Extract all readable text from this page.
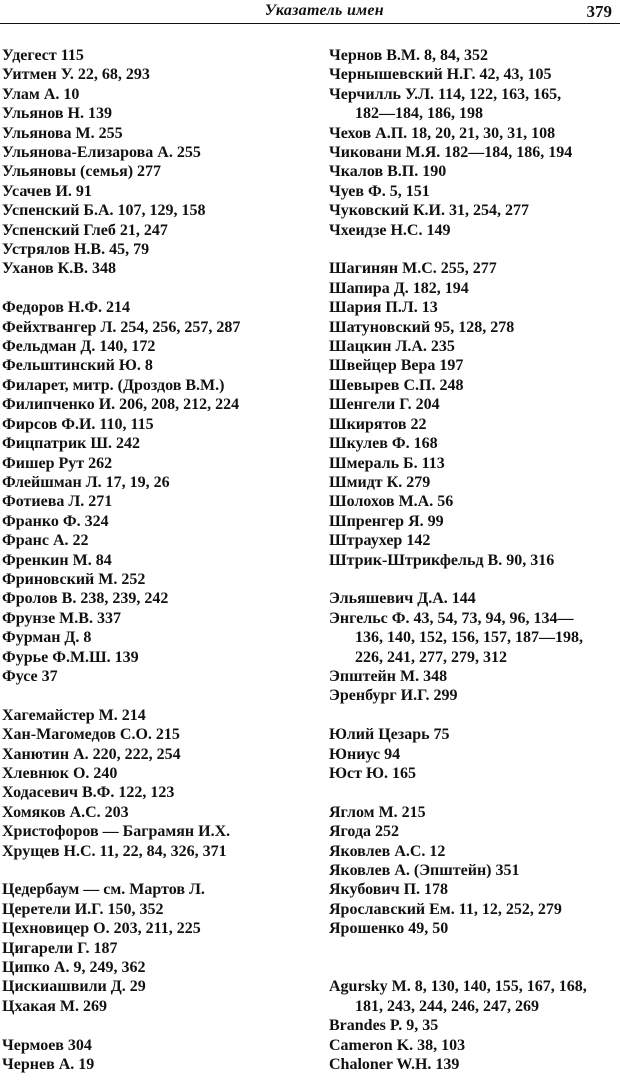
Указатель имен	379
Удегест 115
Уитмен У. 22, 68, 293
Улам А. 10
Ульянов Н. 139
Ульянова М. 255
Ульянова-Елизарова А. 255
Ульяновы (семья) 277
Усачев И. 91
Успенский Б.А. 107, 129, 158
Успенский Глеб 21, 247
Устрялов Н.В. 45, 79
Уханов К.В. 348
Федоров Н.Ф. 214
Фейхтвангер Л. 254, 256, 257, 287
Фельдман Д. 140, 172
Фельштинский Ю. 8
Филарет, митр. (Дроздов В.М.)
Филипченко И. 206, 208, 212, 224
Фирсов Ф.И. 110, 115
Фицпатрик Ш. 242
Фишер Рут 262
Флейшман Л. 17, 19, 26
Фотиева Л. 271
Франко Ф. 324
Франс А. 22
Френкин М. 84
Фриновский М. 252
Фролов В. 238, 239, 242
Фрунзе М.В. 337
Фурман Д. 8
Фурье Ф.М.Ш. 139
Фусе 37
Хагемайстер М. 214
Хан-Магомедов С.О. 215
Ханютин А. 220, 222, 254
Хлевнюк О. 240
Ходасевич В.Ф. 122, 123
Хомяков А.С. 203
Христофоров — Баграмян И.Х.
Хрущев Н.С. 11, 22, 84, 326, 371
Цедербаум — см. Мартов Л.
Церетели И.Г. 150, 352
Цехновицер О. 203, 211, 225
Цигарели Г. 187
Ципко А. 9, 249, 362
Цискиашвили Д. 29
Цхакая М. 269
Чермоев 304
Чернев А. 19
Чернов В.М. 8, 84, 352
Чернышевский Н.Г. 42, 43, 105
Черчилль У.Л. 114, 122, 163, 165,
182—184, 186, 198
Чехов А.П. 18, 20, 21, 30, 31, 108
Чиковани М.Я. 182—184, 186, 194
Чкалов В.П. 190
Чуев Ф. 5, 151
Чуковский К.И. 31, 254, 277
Чхеидзе Н.С. 149
Шагинян М.С. 255, 277
Шапира Д. 182, 194
Шария П.Л. 13
Шатуновский 95, 128, 278
Шацкин Л.А. 235
Швейцер Вера 197
Шевырев С.П. 248
Шенгели Г. 204
Шкирятов 22
Шкулев Ф. 168
Шмераль Б. 113
Шмидт К. 279
Шолохов М.А. 56
Шпренгер Я. 99
Штраухер 142
Штрик-Штрикфельд В. 90, 316
Эльяшевич Д.А. 144
Энгельс Ф. 43, 54, 73, 94, 96, 134—
136, 140, 152, 156, 157, 187—198,
226, 241, 277, 279, 312
Эпштейн М. 348
Эренбург И.Г. 299
Юлий Цезарь 75
Юниус 94
Юст Ю. 165
Яглом М. 215
Ягода 252
Яковлев А.С. 12
Яковлев А. (Эпштейн) 351
Якубович П. 178
Ярославский Ем. 11, 12, 252, 279
Ярошенко 49, 50
Agursky M. 8, 130, 140, 155, 167, 168,
181, 243, 244, 246, 247, 269
Brandes P. 9, 35
Cameron K. 38, 103
Chaloner W.H. 139
